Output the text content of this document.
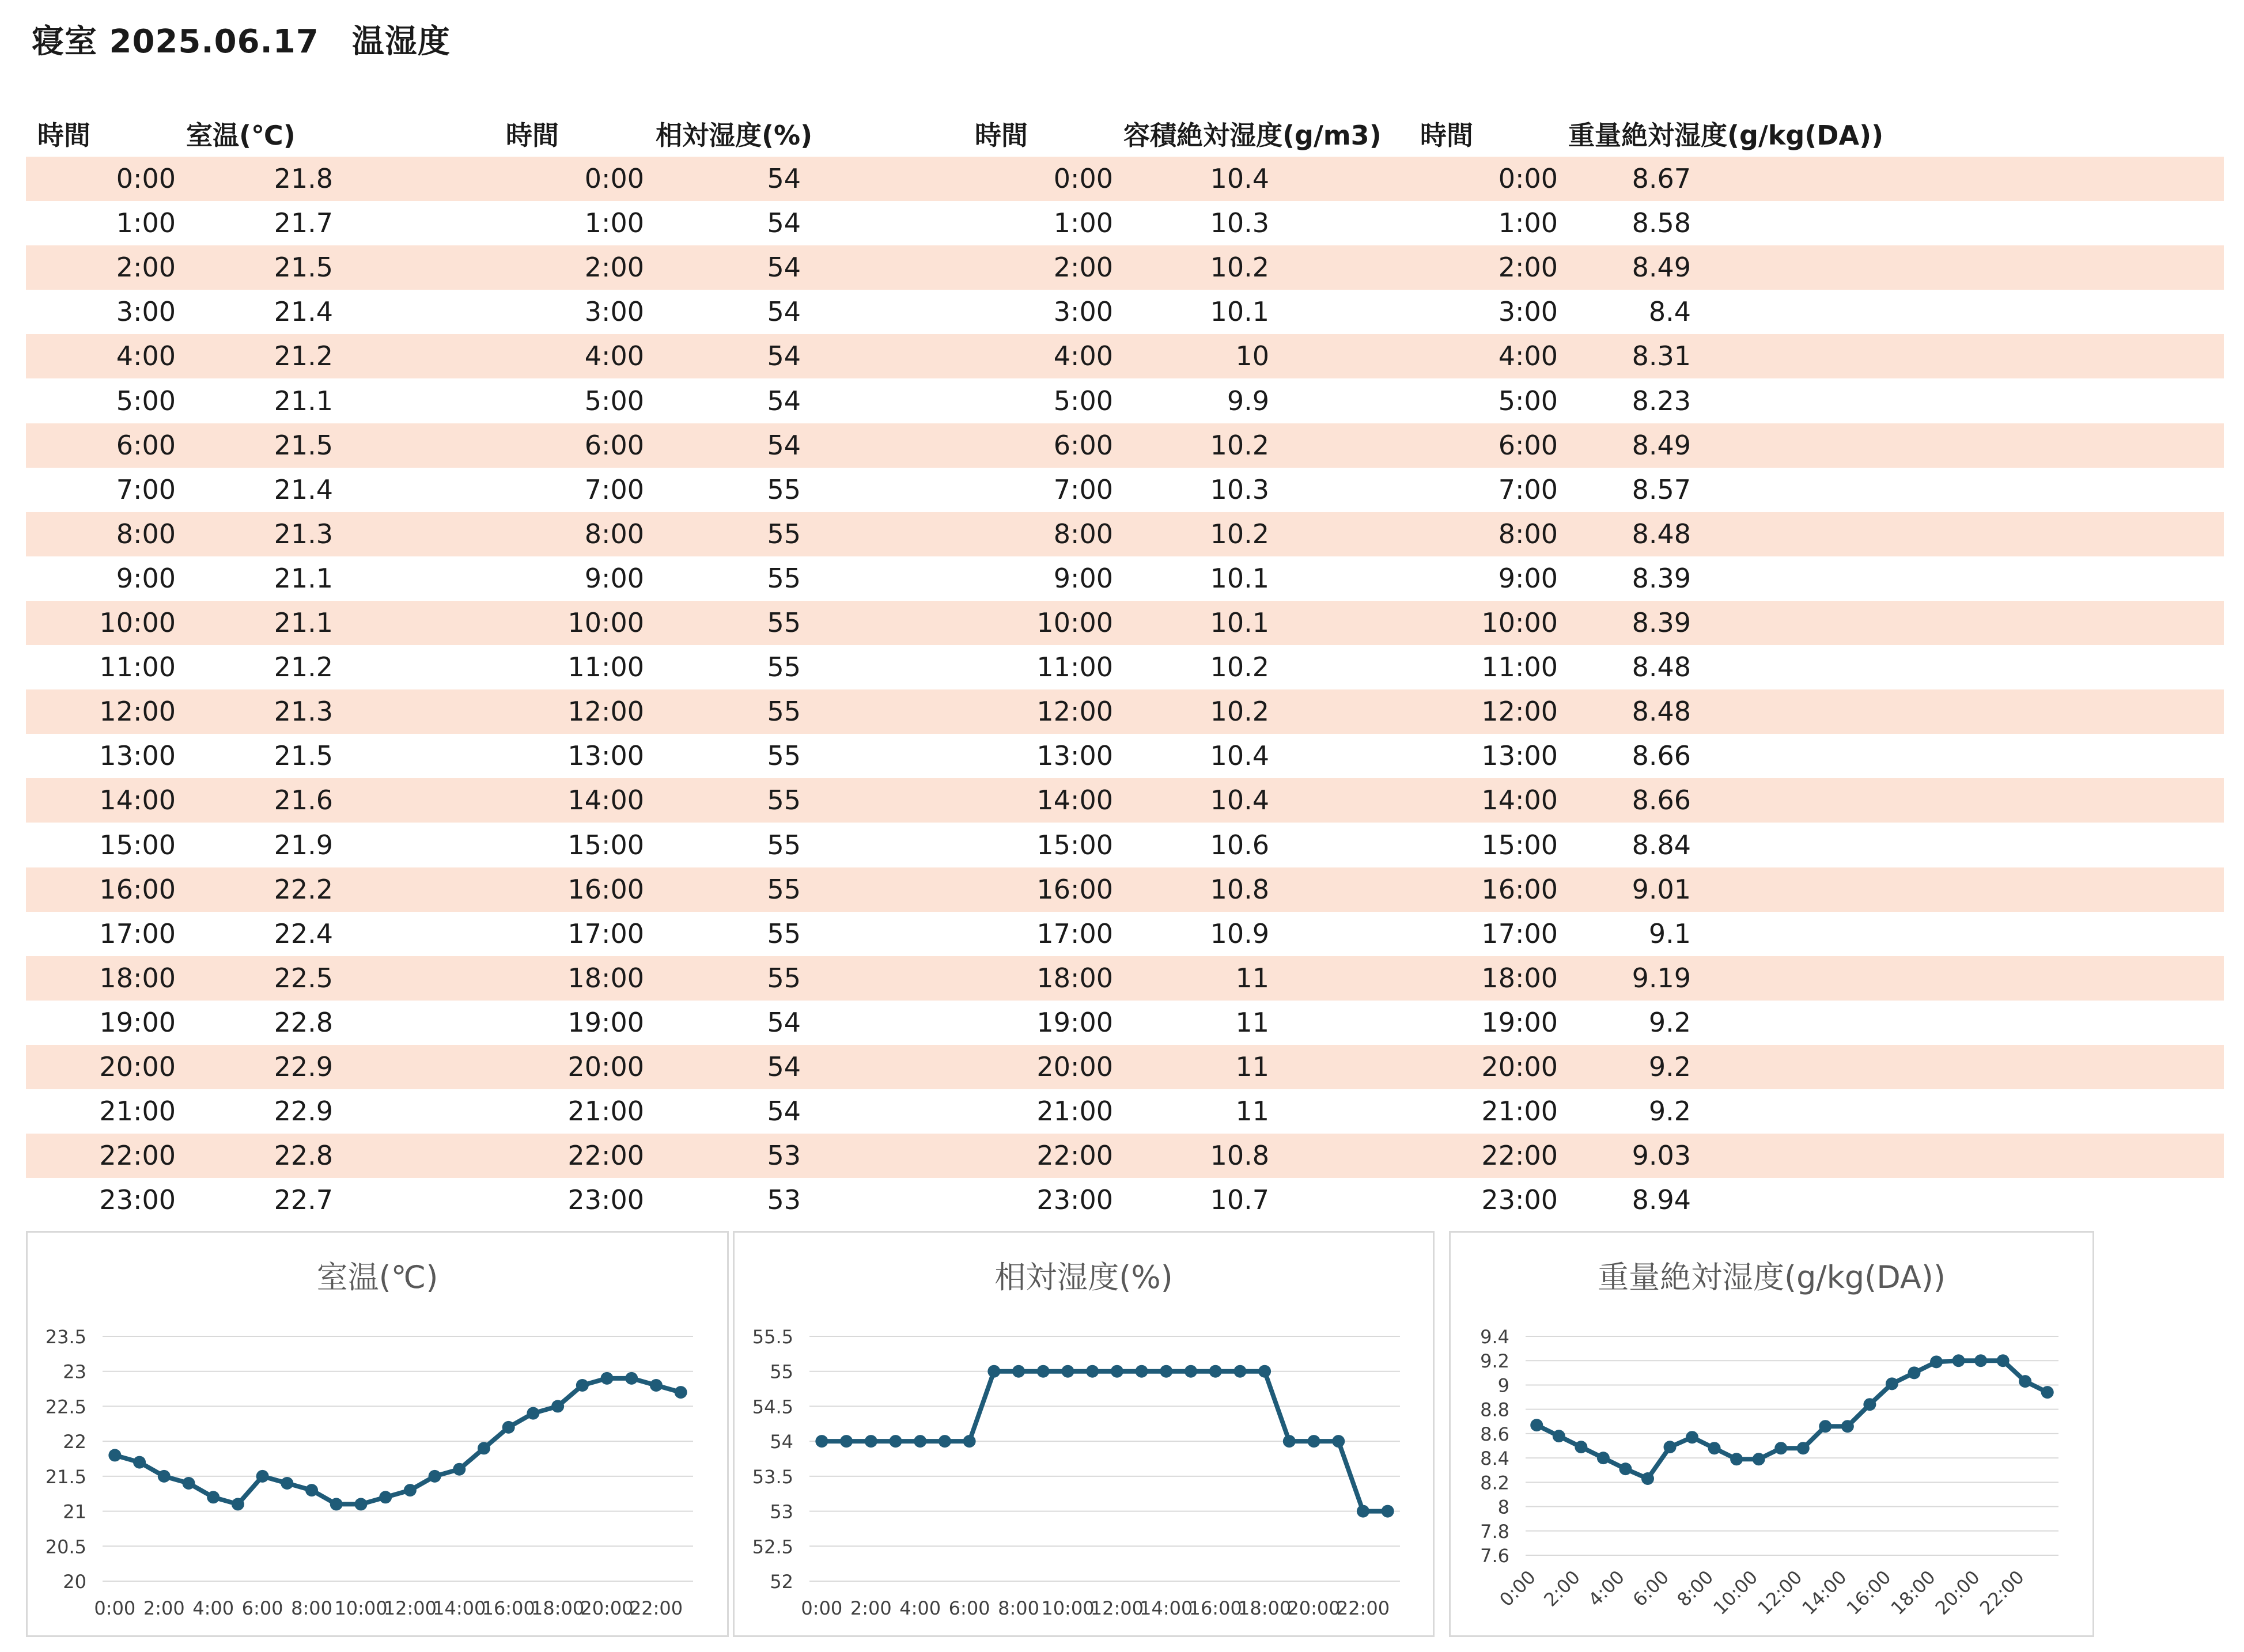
寝室 2025.06.17　温湿度
時間	室温(℃)	時間	相対湿度(%)	時間	容積絶対湿度(g/m3) 時間	重量絶対湿度(g/kg(DA))
0:00	21.8	0:00	54	0:00	10.4	0:00	8.67
1:00	21.7	1:00	54	1:00	10.3	1:00	8.58
2:00	21.5	2:00	54	2:00	10.2	2:00	8.49
3:00	21.4	3:00	54	3:00	10.1	3:00	8.4
4:00	21.2	4:00	54	4:00	10	4:00	8.31
5:00	21.1	5:00	54	5:00	9.9	5:00	8.23
6:00	21.5	6:00	54	6:00	10.2	6:00	8.49
7:00	21.4	7:00	55	7:00	10.3	7:00	8.57
8:00	21.3	8:00	55	8:00	10.2	8:00	8.48
9:00	21.1	9:00	55	9:00	10.1	9:00	8.39
10:00	21.1	10:00	55	10:00	10.1	10:00	8.39
11:00	21.2	11:00	55	11:00	10.2	11:00	8.48
12:00	21.3	12:00	55	12:00	10.2	12:00	8.48
13:00	21.5	13:00	55	13:00	10.4	13:00	8.66
14:00	21.6	14:00	55	14:00	10.4	14:00	8.66
15:00	21.9	15:00	55	15:00	10.6	15:00	8.84
16:00	22.2	16:00	55	16:00	10.8	16:00	9.01
17:00	22.4	17:00	55	17:00	10.9	17:00	9.1
18:00	22.5	18:00	55	18:00	11	18:00	9.19
19:00	22.8	19:00	54	19:00	11	19:00	9.2
20:00	22.9	20:00	54	20:00	11	20:00	9.2
21:00	22.9	21:00	54	21:00	11	21:00	9.2
22:00	22.8	22:00	53	22:00	10.8	22:00	9.03
23:00	22.7	23:00	53	23:00	10.7	23:00	8.94
室温(℃)
20
20.5
21
21.5
22
22.5
23
23.5
0:00 2:00 4:00 6:00 8:00 10:00
12:00
14:00
16:00
18:00
20:00
22:00
相対湿度(%)
52
52.5
53
53.5
54
54.5
55
55.5
0:00 2:00 4:00 6:00 8:00 10:00
12:00
14:00
16:00
18:00
20:00
22:00
重量絶対湿度(g/kg(DA))
7.6
7.8
8
8.2
8.4
8.6
8.8
9
9.2
9.4
0:00 2:00 4:00 6:00 8:00
10:00
12:00
14:00
16:00
18:00
20:00
22:00
